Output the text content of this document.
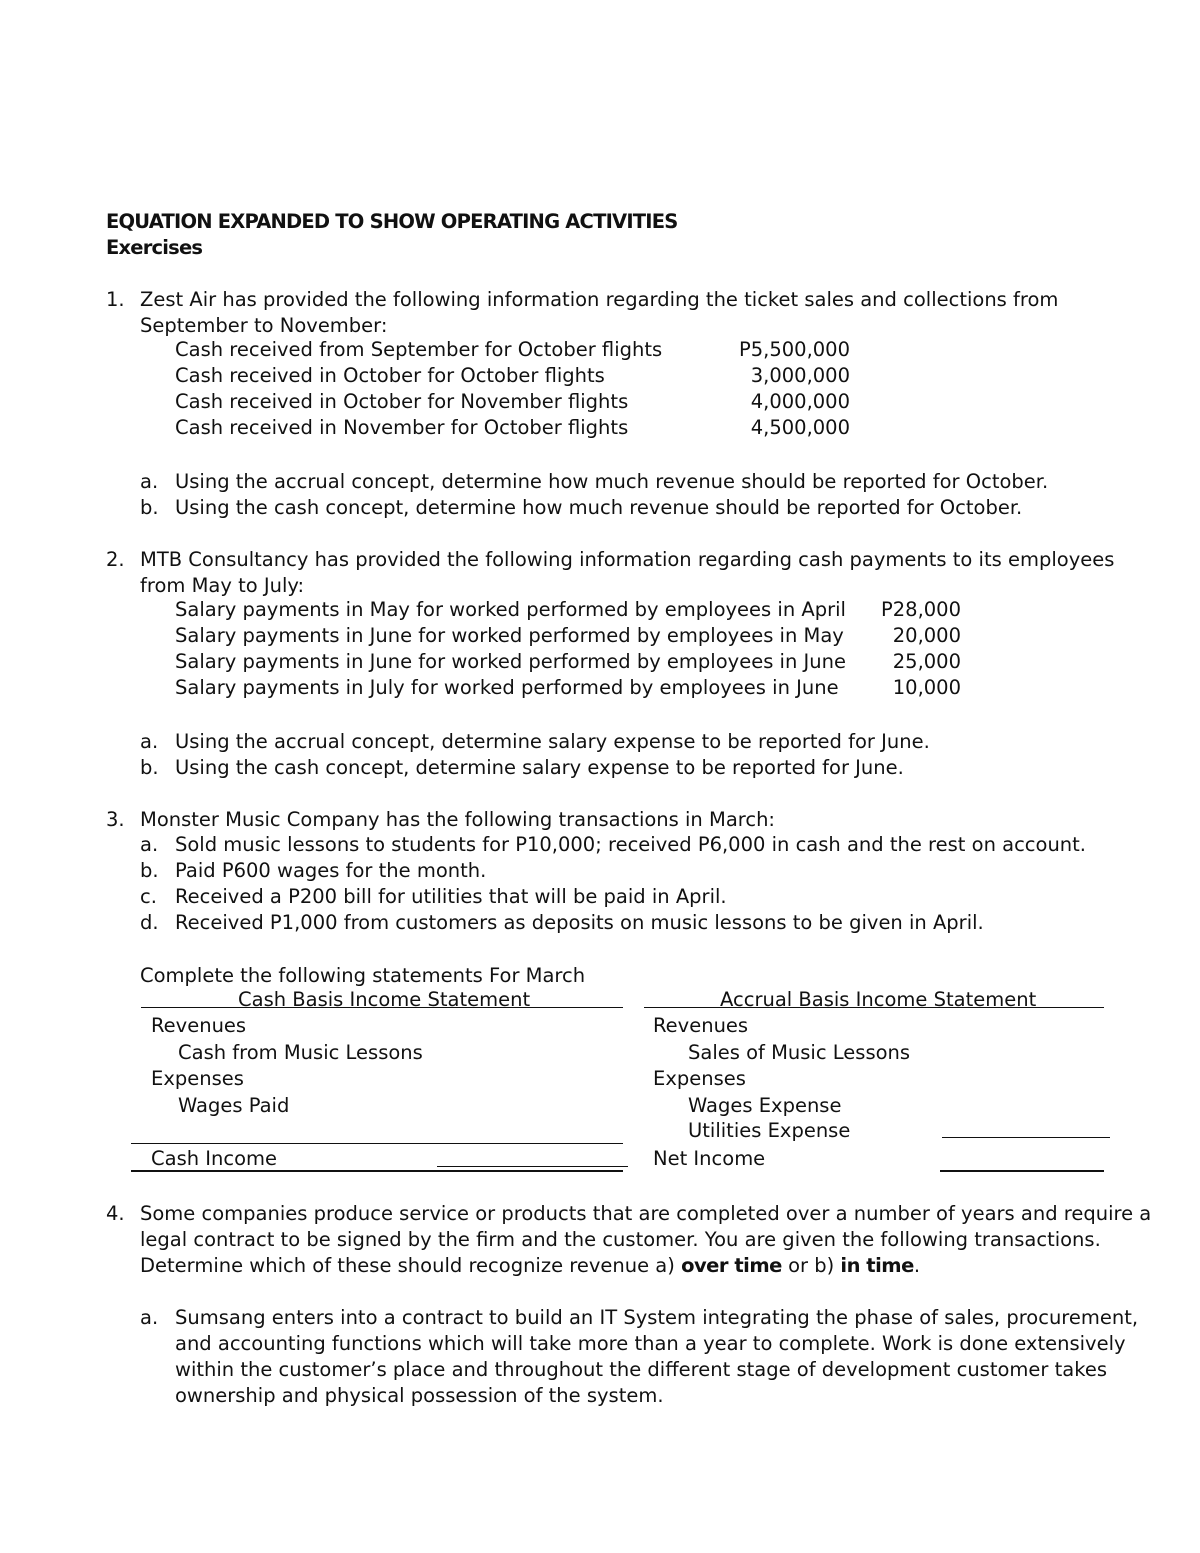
EQUATION EXPANDED TO SHOW OPERATING ACTIVITIES
Exercises
1. Zest Air has provided the following information regarding the ticket sales and collections from
September to November:
Cash received from September for October flights	P5,500,000
Cash received in October for October flights	3,000,000
Cash received in October for November flights	4,000,000
Cash received in November for October flights	4,500,000
a. Using the accrual concept, determine how much revenue should be reported for October.
b. Using the cash concept, determine how much revenue should be reported for October.
2. MTB Consultancy has provided the following information regarding cash payments to its employees
from May to July:
Salary payments in May for worked performed by employees in April	P28,000
Salary payments in June for worked performed by employees in May	20,000
Salary payments in June for worked performed by employees in June	25,000
Salary payments in July for worked performed by employees in June	10,000
a. Using the accrual concept, determine salary expense to be reported for June.
b. Using the cash concept, determine salary expense to be reported for June.
3. Monster Music Company has the following transactions in March:
a. Sold music lessons to students for P10,000; received P6,000 in cash and the rest on account.
b. Paid P600 wages for the month.
c. Received a P200 bill for utilities that will be paid in April.
d. Received P1,000 from customers as deposits on music lessons to be given in April.
Complete the following statements For March
Cash Basis Income Statement
Revenues
Cash from Music Lessons
Expenses
Wages Paid
Cash Income
Accrual Basis Income Statement
Revenues
Sales of Music Lessons
Expenses
Wages Expense
Utilities Expense
Net Income
4. Some companies produce service or products that are completed over a number of years and require a
legal contract to be signed by the firm and the customer. You are given the following transactions.
Determine which of these should recognize revenue a) over time or b) in time.
a. Sumsang enters into a contract to build an IT System integrating the phase of sales, procurement,
and accounting functions which will take more than a year to complete. Work is done extensively
within the customer’s place and throughout the different stage of development customer takes
ownership and physical possession of the system.
